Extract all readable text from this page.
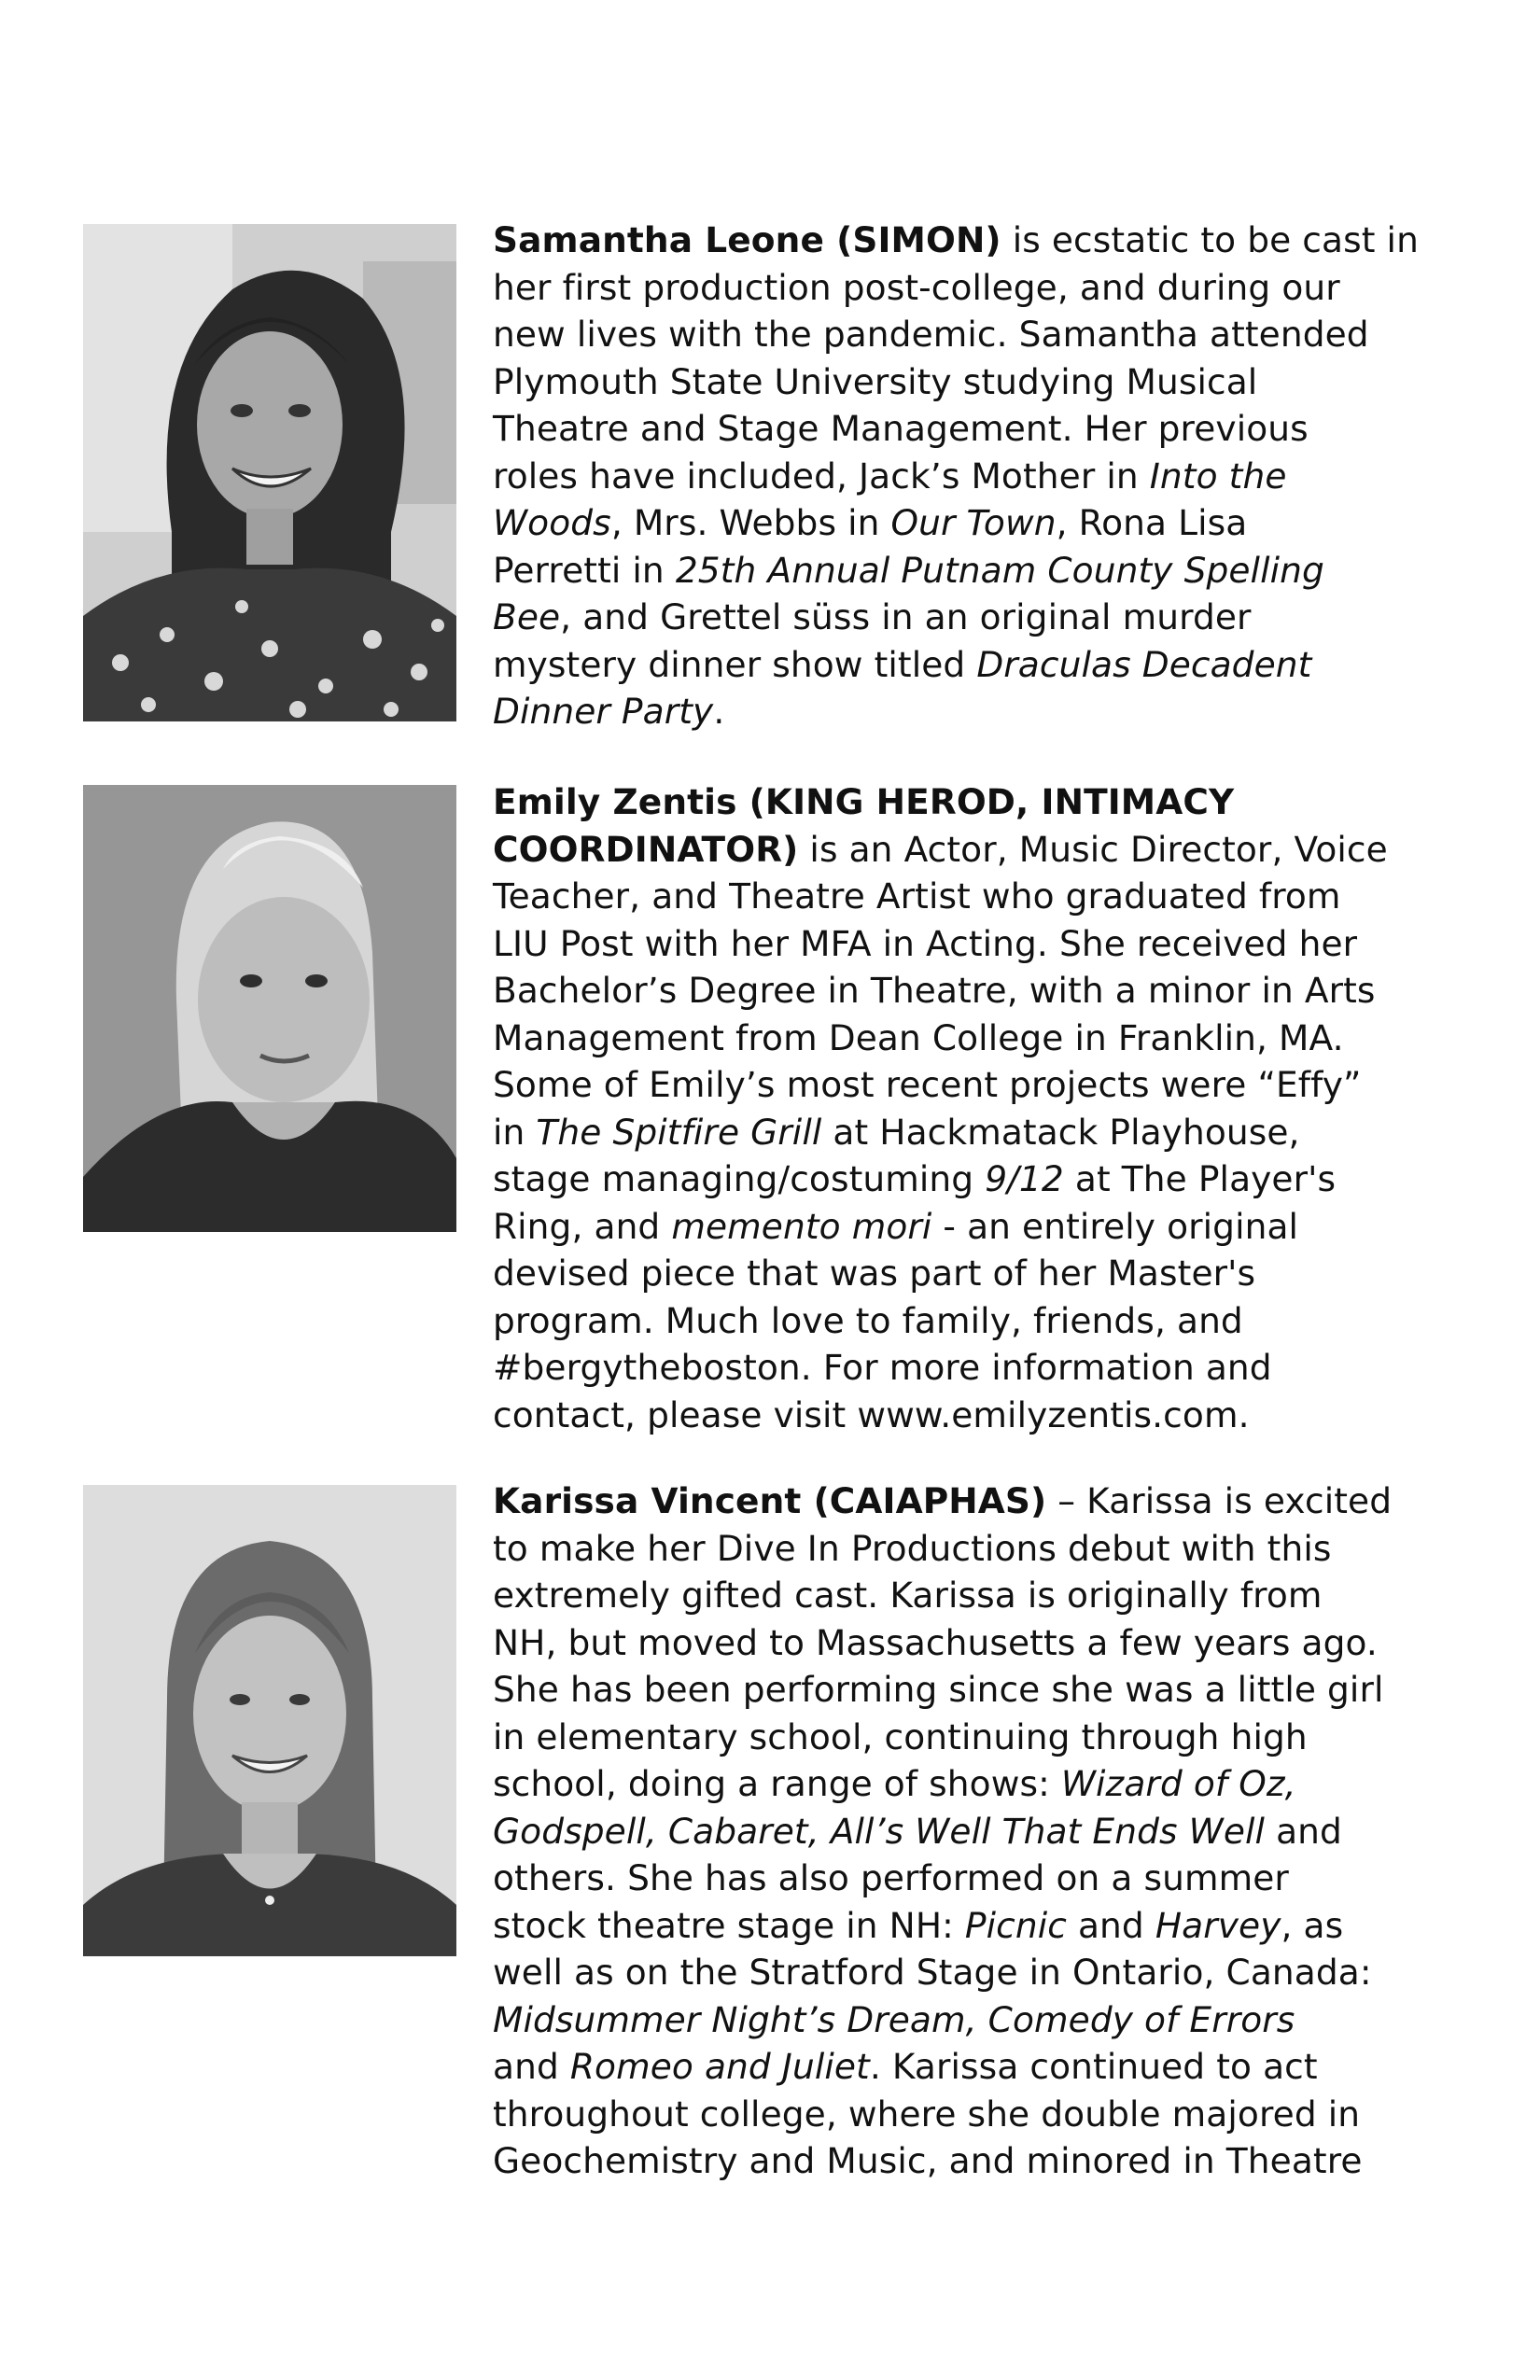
Samantha Leone (SIMON) is ecstatic to be cast in
her first production post-college, and during our
new lives with the pandemic. Samantha attended
Plymouth State University studying Musical
Theatre and Stage Management. Her previous
roles have included, Jack’s Mother in Into the
Woods, Mrs. Webbs in Our Town, Rona Lisa
Perretti in 25th Annual Putnam County Spelling
Bee, and Grettel süss in an original murder
mystery dinner show titled Draculas Decadent
Dinner Party.

Emily Zentis (KING HEROD, INTIMACY
COORDINATOR) is an Actor, Music Director, Voice
Teacher, and Theatre Artist who graduated from
LIU Post with her MFA in Acting. She received her
Bachelor’s Degree in Theatre, with a minor in Arts
Management from Dean College in Franklin, MA.
Some of Emily’s most recent projects were “Effy”
in The Spitfire Grill at Hackmatack Playhouse,
stage managing/costuming 9/12 at The Player's
Ring, and memento mori - an entirely original
devised piece that was part of her Master's
program. Much love to family, friends, and
#bergytheboston. For more information and
contact, please visit www.emilyzentis.com.

Karissa Vincent (CAIAPHAS) – Karissa is excited
to make her Dive In Productions debut with this
extremely gifted cast. Karissa is originally from
NH, but moved to Massachusetts a few years ago.
She has been performing since she was a little girl
in elementary school, continuing through high
school, doing a range of shows: Wizard of Oz,
Godspell, Cabaret, All’s Well That Ends Well and
others. She has also performed on a summer
stock theatre stage in NH: Picnic and Harvey, as
well as on the Stratford Stage in Ontario, Canada:
Midsummer Night’s Dream, Comedy of Errors
and Romeo and Juliet. Karissa continued to act
throughout college, where she double majored in
Geochemistry and Music, and minored in Theatre
